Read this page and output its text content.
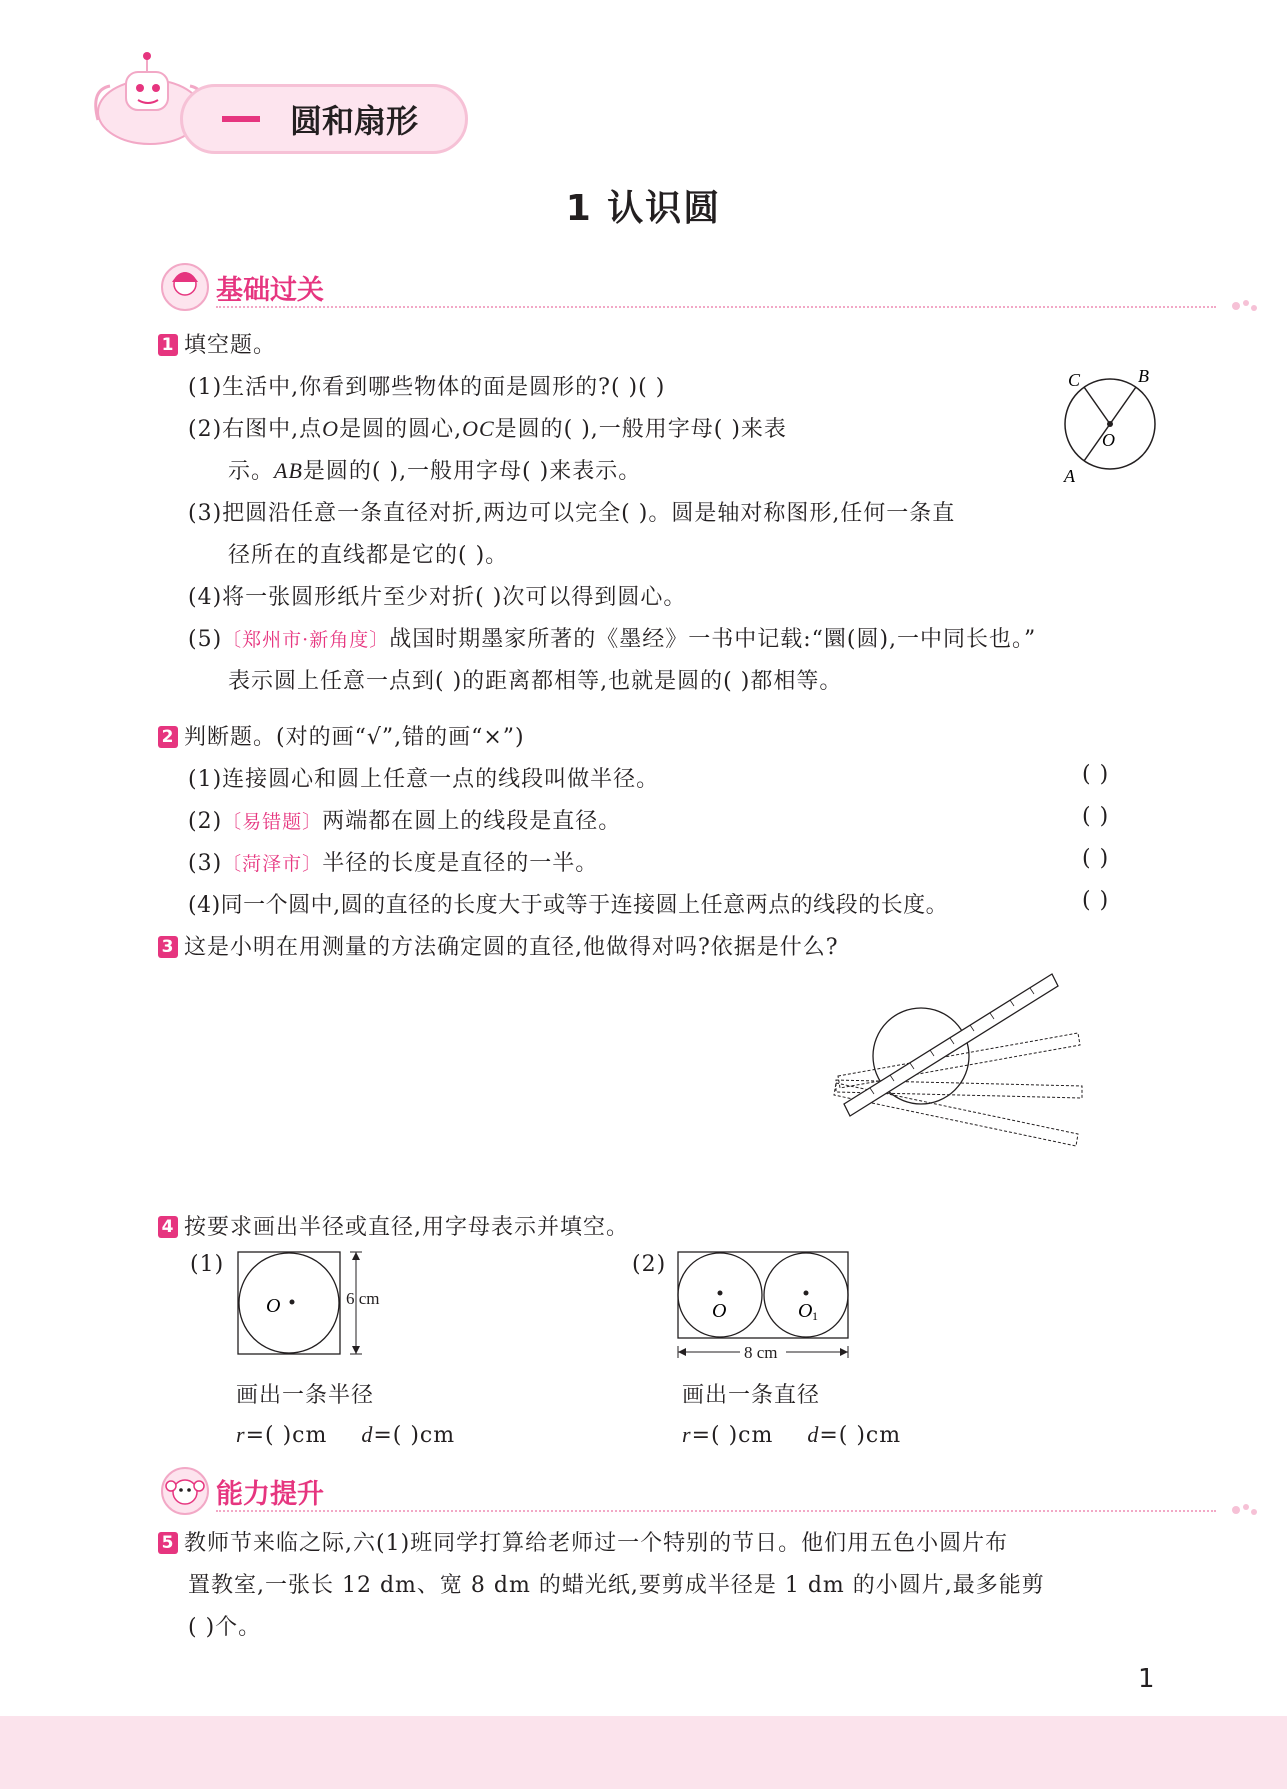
圆和扇形
1 认识圆
基础过关
1 填空题。
(1)生活中,你看到哪些物体的面是圆形的?( )( )
(2)右图中,点O是圆的圆心,OC是圆的( ),一般用字母( )来表
示。AB是圆的( ),一般用字母( )来表示。
(3)把圆沿任意一条直径对折,两边可以完全( )。圆是轴对称图形,任何一条直
径所在的直线都是它的( )。
(4)将一张圆形纸片至少对折( )次可以得到圆心。
(5)〔郑州市·新角度〕战国时期墨家所著的《墨经》一书中记载:“圜(圆),一中同长也。”
表示圆上任意一点到( )的距离都相等,也就是圆的( )都相等。
C	B
O
A
2 判断题。(对的画“√”,错的画“×”)
(1)连接圆心和圆上任意一点的线段叫做半径。	( )
(2)〔易错题〕两端都在圆上的线段是直径。	( )
(3)〔菏泽市〕半径的长度是直径的一半。	( )
(4)同一个圆中,圆的直径的长度大于或等于连接圆上任意两点的线段的长度。	( )
3 这是小明在用测量的方法确定圆的直径,他做得对吗?依据是什么?
4 按要求画出半径或直径,用字母表示并填空。
(1)
O	6 cm
画出一条半径
r=( )cm d=( )cm
(2)
O	O 1
8 cm
画出一条直径
r=( )cm d=( )cm
能力提升
5 教师节来临之际,六(1)班同学打算给老师过一个特别的节日。他们用五色小圆片布
置教室,一张长 12 dm、宽 8 dm 的蜡光纸,要剪成半径是 1 dm 的小圆片,最多能剪
( )个。
1
